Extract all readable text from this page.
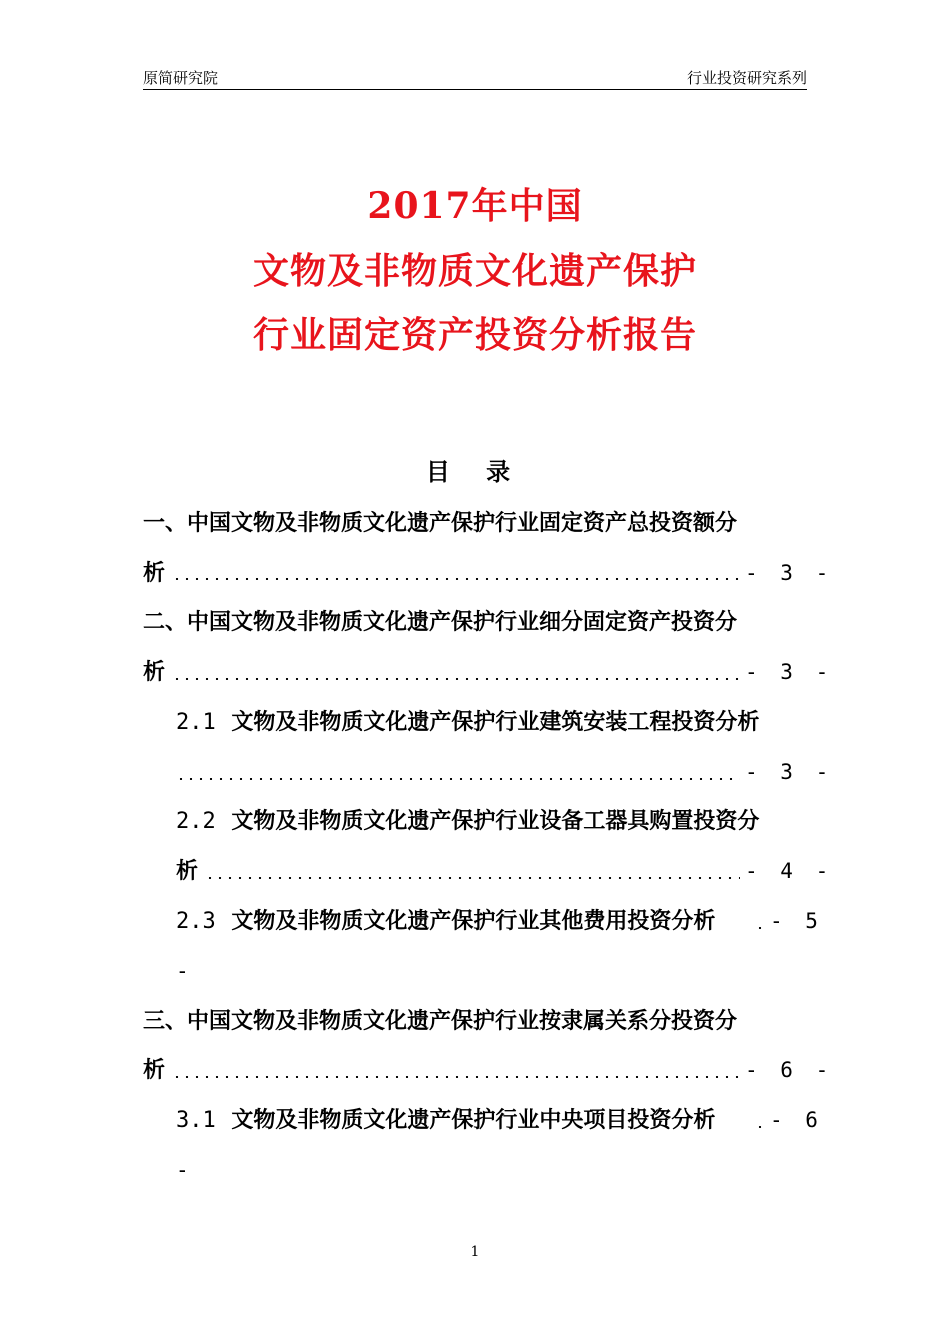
原简研究院	行业投资研究系列
2017年中国
文物及非物质文化遗产保护
行业固定资产投资分析报告
目 录
一、中国文物及非物质文化遗产保护行业固定资产总投资额分
析	- 3 -
二、中国文物及非物质文化遗产保护行业细分固定资产投资分
析	- 3 -
2.1 文物及非物质文化遗产保护行业建筑安装工程投资分析
- 3 -
2.2 文物及非物质文化遗产保护行业设备工器具购置投资分
析	- 4 -
2.3 文物及非物质文化遗产保护行业其他费用投资分析	- 5
-
三、中国文物及非物质文化遗产保护行业按隶属关系分投资分
析	- 6 -
3.1 文物及非物质文化遗产保护行业中央项目投资分析	- 6
-
1
